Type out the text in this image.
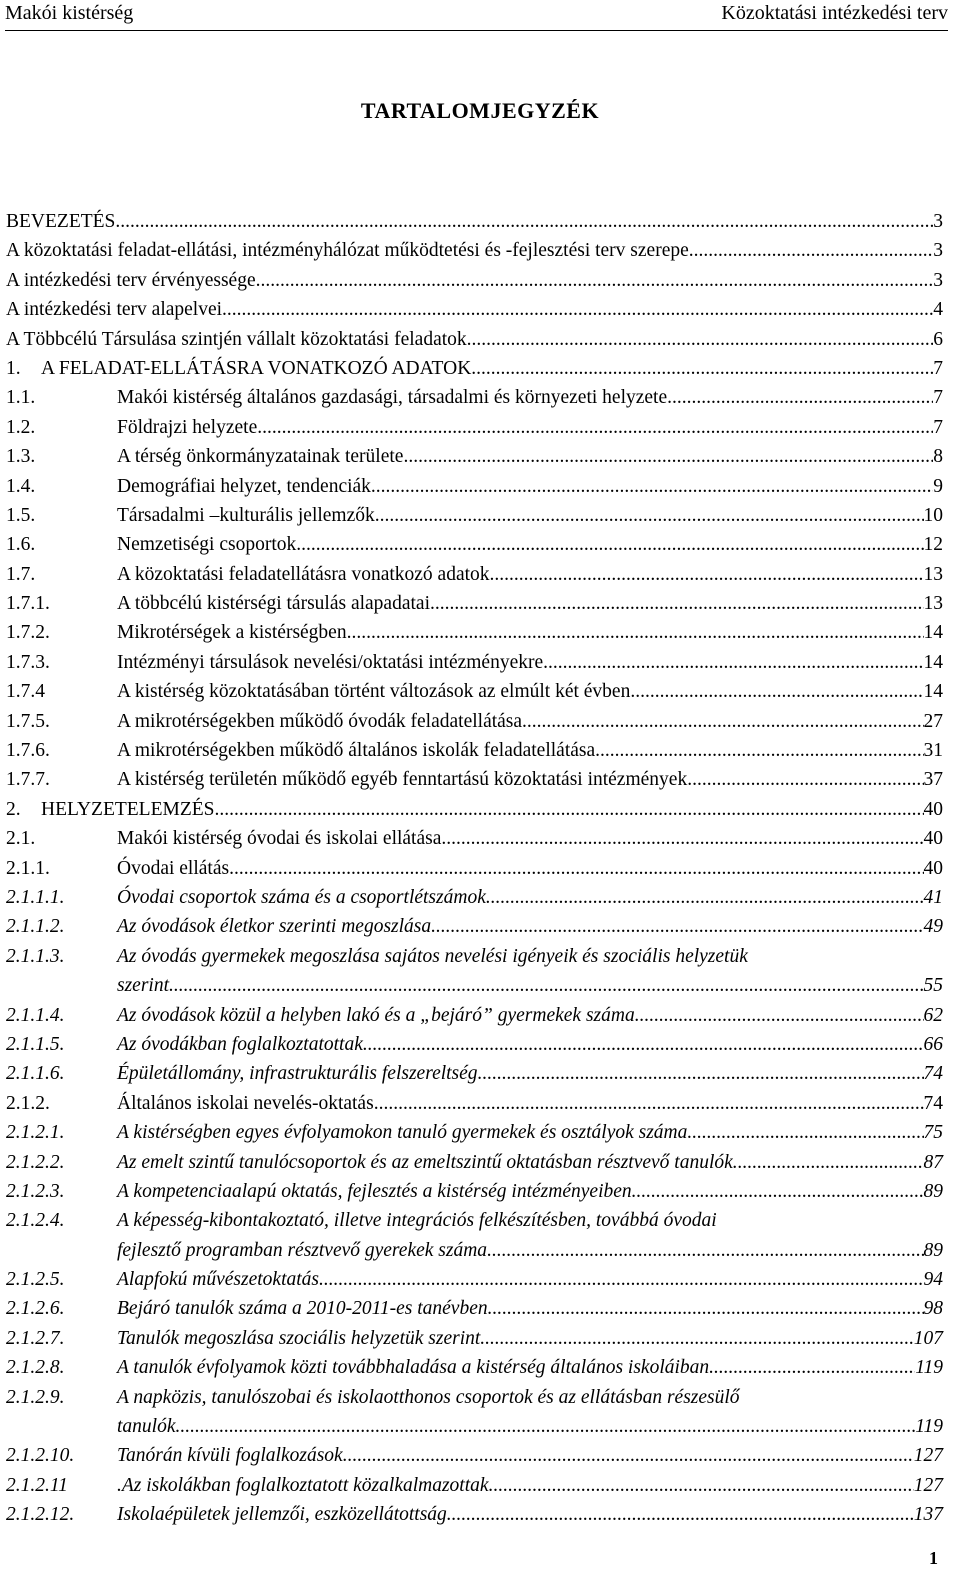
Makói kistérség	Közoktatási intézkedési terv
TARTALOMJEGYZÉK
BEVEZETÉS .....	3
A közoktatási feladat-ellátási, intézményhálózat működtetési és -fejlesztési terv szerepe .....	3
A intézkedési terv érvényessége .....	3
A intézkedési terv alapelvei .....	4
A Többcélú Társulása szintjén vállalt közoktatási feladatok .....	6
1. A FELADAT-ELLÁTÁSRA VONATKOZÓ ADATOK .....	7
1.1.	Makói kistérség általános gazdasági, társadalmi és környezeti helyzete .....	7
1.2.	Földrajzi helyzete .....	7
1.3.	A térség önkormányzatainak területe .....	8
1.4.	Demográfiai helyzet, tendenciák .....	9
1.5.	Társadalmi –kulturális jellemzők .....	10
1.6.	Nemzetiségi csoportok .....	12
1.7.	A közoktatási feladatellátásra vonatkozó adatok .....	13
1.7.1.	A többcélú kistérségi társulás alapadatai .....	13
1.7.2.	Mikrotérségek a kistérségben .....	14
1.7.3.	Intézményi társulások nevelési/oktatási intézményekre .....	14
1.7.4	A kistérség közoktatásában történt változások az elmúlt két évben .....	14
1.7.5.	A mikrotérségekben működő óvodák feladatellátása .....	27
1.7.6.	A mikrotérségekben működő általános iskolák feladatellátása .....	31
1.7.7.	A kistérség területén működő egyéb fenntartású közoktatási intézmények .....	37
2. HELYZETELEMZÉS .....	40
2.1.	Makói kistérség óvodai és iskolai ellátása .....	40
2.1.1.	Óvodai ellátás .....	40
2.1.1.1.	Óvodai csoportok száma és a csoportlétszámok .....	41
2.1.1.2.	Az óvodások életkor szerinti megoszlása .....	49
2.1.1.3.	Az óvodás gyermekek megoszlása sajátos nevelési igényeik és szociális helyzetük
szerint .....	55
2.1.1.4.	Az óvodások közül a helyben lakó és a „bejáró” gyermekek száma .....	62
2.1.1.5.	Az óvodákban foglalkoztatottak .....	66
2.1.1.6.	Épületállomány, infrastrukturális felszereltség .....	74
2.1.2.	Általános iskolai nevelés-oktatás .....	74
2.1.2.1.	A kistérségben egyes évfolyamokon tanuló gyermekek és osztályok száma .....	75
2.1.2.2.	Az emelt szintű tanulócsoportok és az emeltszintű oktatásban résztvevő tanulók. .....	87
2.1.2.3.	A kompetenciaalapú oktatás, fejlesztés a kistérség intézményeiben .....	89
2.1.2.4.	A képesség-kibontakoztató, illetve integrációs felkészítésben, továbbá óvodai
fejlesztő programban résztvevő gyerekek száma .....	89
2.1.2.5.	Alapfokú művészetoktatás .....	94
2.1.2.6.	Bejáró tanulók száma a 2010-2011-es tanévben .....	98
2.1.2.7.	Tanulók megoszlása szociális helyzetük szerint .....	107
2.1.2.8.	A tanulók évfolyamok közti továbbhaladása a kistérség általános iskoláiban .....	119
2.1.2.9.	A napközis, tanulószobai és iskolaotthonos csoportok és az ellátásban részesülő
tanulók .....	119
2.1.2.10. Tanórán kívüli foglalkozások .....	127
2.1.2.11	.Az iskolákban foglalkoztatott közalkalmazottak .....	127
2.1.2.12. Iskolaépületek jellemzői, eszközellátottság .....	137
1
